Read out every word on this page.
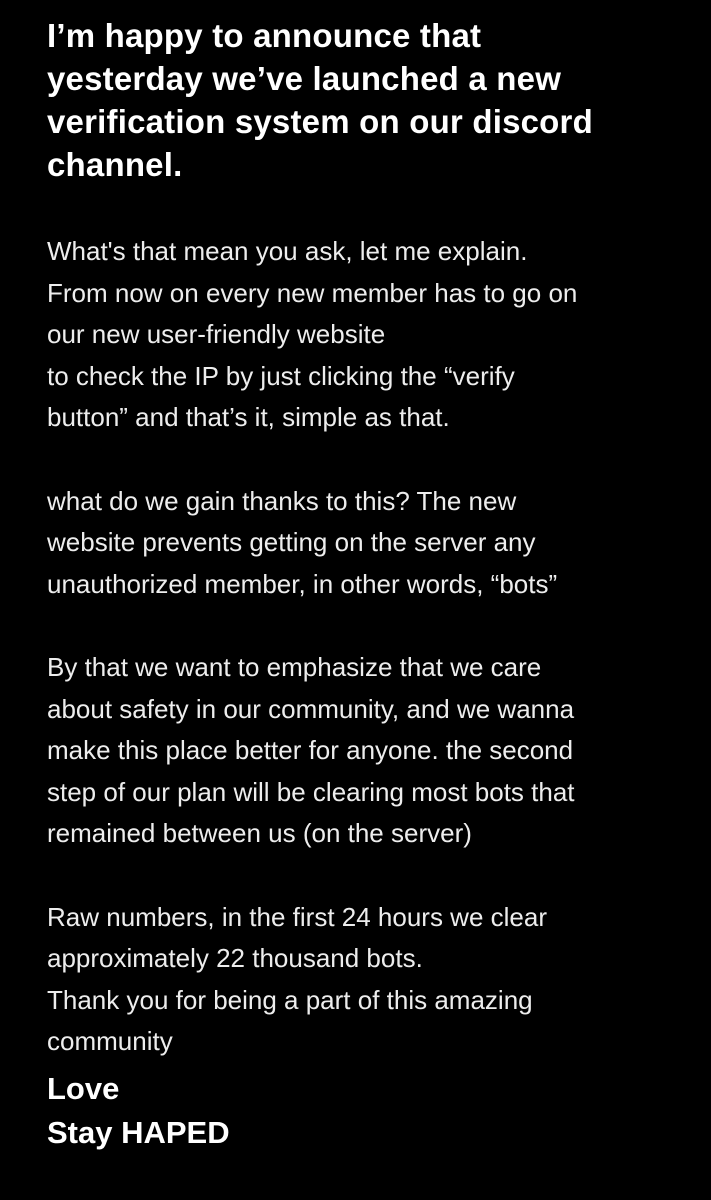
I’m happy to announce that
yesterday we’ve launched a new
verification system on our discord
channel.

What's that mean you ask, let me explain.
From now on every new member has to go on
our new user-friendly website
to check the IP by just clicking the “verify
button” and that’s it, simple as that.

what do we gain thanks to this? The new
website prevents getting on the server any
unauthorized member, in other words, “bots”

By that we want to emphasize that we care
about safety in our community, and we wanna
make this place better for anyone. the second
step of our plan will be clearing most bots that
remained between us (on the server)

Raw numbers, in the first 24 hours we clear
approximately 22 thousand bots.
Thank you for being a part of this amazing
community

Love

Stay HAPED
